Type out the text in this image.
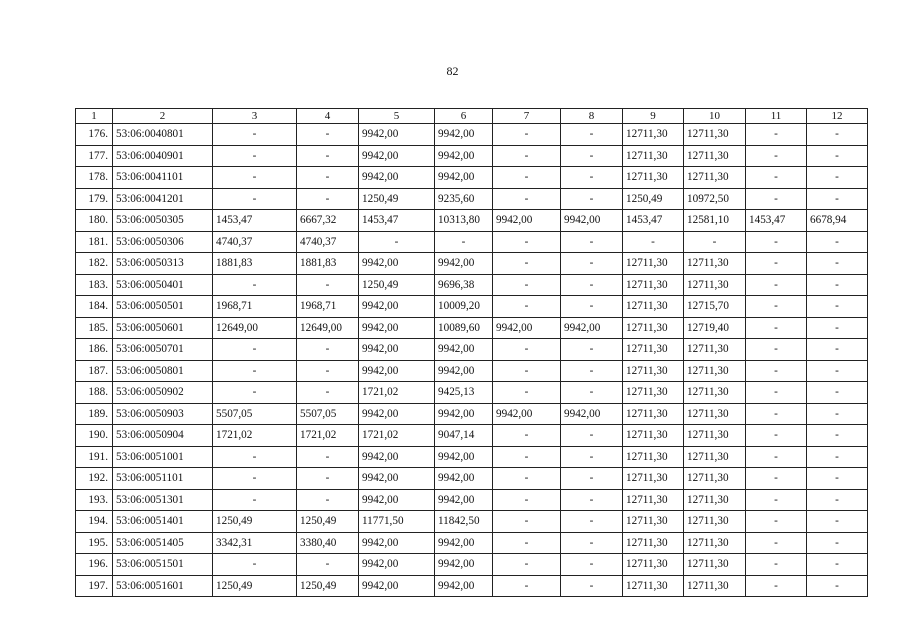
82
1	2	3	4	5	6	7	8	9	10	11	12
176.	53:06:0040801	-	-	9942,00	9942,00	-	-	12711,30	12711,30	-	-
177.	53:06:0040901	-	-	9942,00	9942,00	-	-	12711,30	12711,30	-	-
178.	53:06:0041101	-	-	9942,00	9942,00	-	-	12711,30	12711,30	-	-
179.	53:06:0041201	-	-	1250,49	9235,60	-	-	1250,49	10972,50	-	-
180.	53:06:0050305	1453,47	6667,32	1453,47	10313,80	9942,00	9942,00	1453,47	12581,10	1453,47	6678,94
181.	53:06:0050306	4740,37	4740,37	-	-	-	-	-	-	-	-
182.	53:06:0050313	1881,83	1881,83	9942,00	9942,00	-	-	12711,30	12711,30	-	-
183.	53:06:0050401	-	-	1250,49	9696,38	-	-	12711,30	12711,30	-	-
184.	53:06:0050501	1968,71	1968,71	9942,00	10009,20	-	-	12711,30	12715,70	-	-
185.	53:06:0050601	12649,00	12649,00	9942,00	10089,60	9942,00	9942,00	12711,30	12719,40	-	-
186.	53:06:0050701	-	-	9942,00	9942,00	-	-	12711,30	12711,30	-	-
187.	53:06:0050801	-	-	9942,00	9942,00	-	-	12711,30	12711,30	-	-
188.	53:06:0050902	-	-	1721,02	9425,13	-	-	12711,30	12711,30	-	-
189.	53:06:0050903	5507,05	5507,05	9942,00	9942,00	9942,00	9942,00	12711,30	12711,30	-	-
190.	53:06:0050904	1721,02	1721,02	1721,02	9047,14	-	-	12711,30	12711,30	-	-
191.	53:06:0051001	-	-	9942,00	9942,00	-	-	12711,30	12711,30	-	-
192.	53:06:0051101	-	-	9942,00	9942,00	-	-	12711,30	12711,30	-	-
193.	53:06:0051301	-	-	9942,00	9942,00	-	-	12711,30	12711,30	-	-
194.	53:06:0051401	1250,49	1250,49	11771,50	11842,50	-	-	12711,30	12711,30	-	-
195.	53:06:0051405	3342,31	3380,40	9942,00	9942,00	-	-	12711,30	12711,30	-	-
196.	53:06:0051501	-	-	9942,00	9942,00	-	-	12711,30	12711,30	-	-
197.	53:06:0051601	1250,49	1250,49	9942,00	9942,00	-	-	12711,30	12711,30	-	-
